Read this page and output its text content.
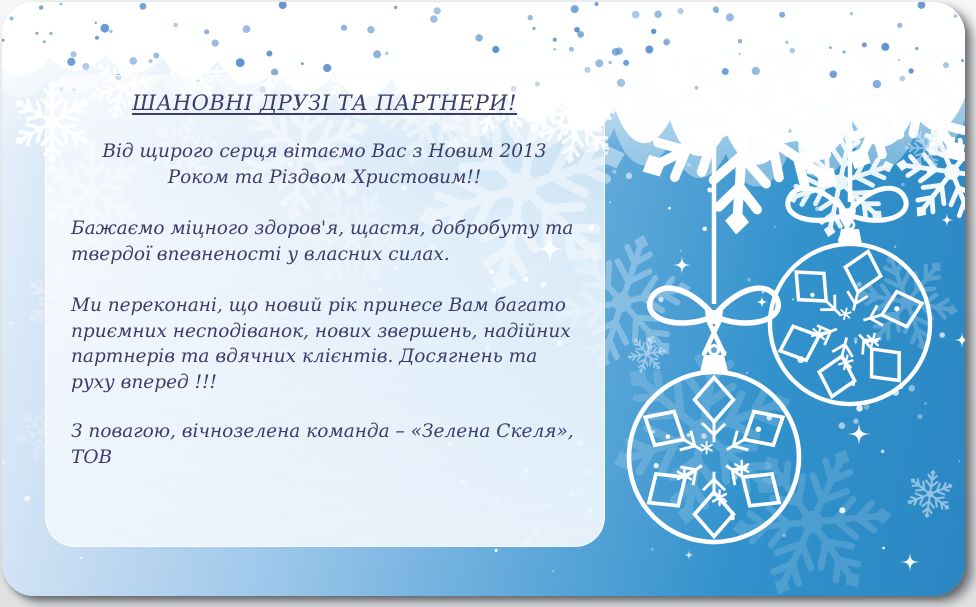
ШАНОВНІ ДРУЗІ ТА ПАРТНЕРИ!

Від щирого серця вітаємо Вас з Новим 2013 Роком та Різдвом Христовим!!

Бажаємо міцного здоров'я, щастя, добробуту та твердої впевненості у власних силах.

Ми переконані, що новий рік принесе Вам багато приємних несподіванок, нових звершень, надійних партнерів та вдячних клієнтів. Досягнень та руху вперед !!!

З повагою, вічнозелена команда – «Зелена Скеля», ТОВ
